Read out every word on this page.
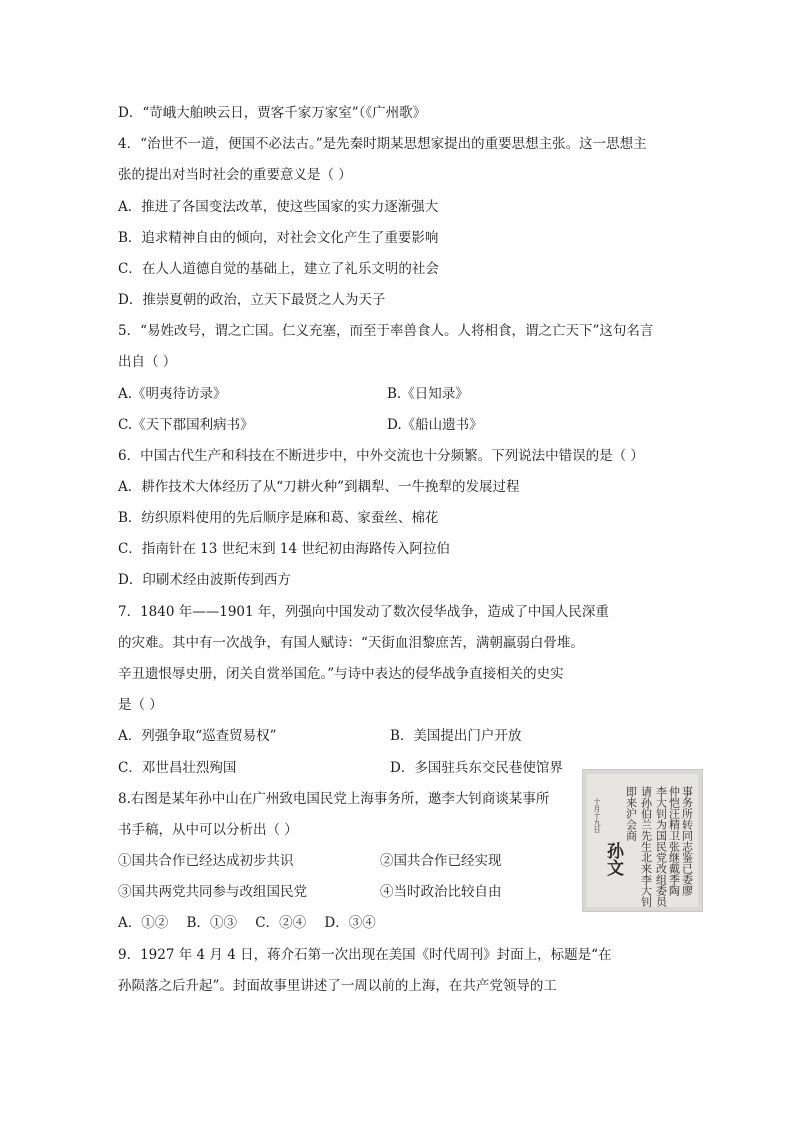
D．“苛峨大舶映云日，贾客千家万家室”（《广州歌》
4．“治世不一道，便国不必法古。”是先秦时期某思想家提出的重要思想主张。这一思想主
张的提出对当时社会的重要意义是（ ）
A．推进了各国变法改革，使这些国家的实力逐渐强大
B．追求精神自由的倾向，对社会文化产生了重要影响
C．在人人道德自觉的基础上，建立了礼乐文明的社会
D．推崇夏朝的政治，立天下最贤之人为天子
5．“易姓改号，谓之亡国。仁义充塞，而至于率兽食人。人将相食，谓之亡天下”这句名言
出自（ ）
A.《明夷待访录》	B.《日知录》
C.《天下郡国利病书》	D.《船山遗书》
6．中国古代生产和科技在不断进步中，中外交流也十分频繁。下列说法中错误的是（ ）
A．耕作技术大体经历了从“刀耕火种”到耦犁、一牛挽犁的发展过程
B．纺织原料使用的先后顺序是麻和葛、家蚕丝、棉花
C．指南针在 13 世纪末到 14 世纪初由海路传入阿拉伯
D．印刷术经由波斯传到西方
7．1840 年——1901 年，列强向中国发动了数次侵华战争，造成了中国人民深重
的灾难。其中有一次战争，有国人赋诗：“天街血泪黎庶苦，满朝羸弱白骨堆。
辛丑遗恨辱史册，闭关自赏举国危。”与诗中表达的侵华战争直接相关的史实
是（ ）
A．列强争取“巡查贸易权”	B．美国提出门户开放
C．邓世昌壮烈殉国	D．多国驻兵东交民巷使馆界
8.右图是某年孙中山在广州致电国民党上海事务所，邀李大钊商谈某事所
书手稿，从中可以分析出（ ）
①国共合作已经达成初步共识	②国共合作已经实现
③国共两党共同参与改组国民党	④当时政治比较自由
A．①② B．①③ C．②④ D．③④
事务所转同志鉴已委廖
仲恺汪精卫张继戴季陶
李大钊为国民党改组委员
请孙伯兰先生北来李大钊
即来沪会商
孙文
十月十九日
9．1927 年 4 月 4 日，蒋介石第一次出现在美国《时代周刊》封面上，标题是“在
孙陨落之后升起”。封面故事里讲述了一周以前的上海，在共产党领导的工
